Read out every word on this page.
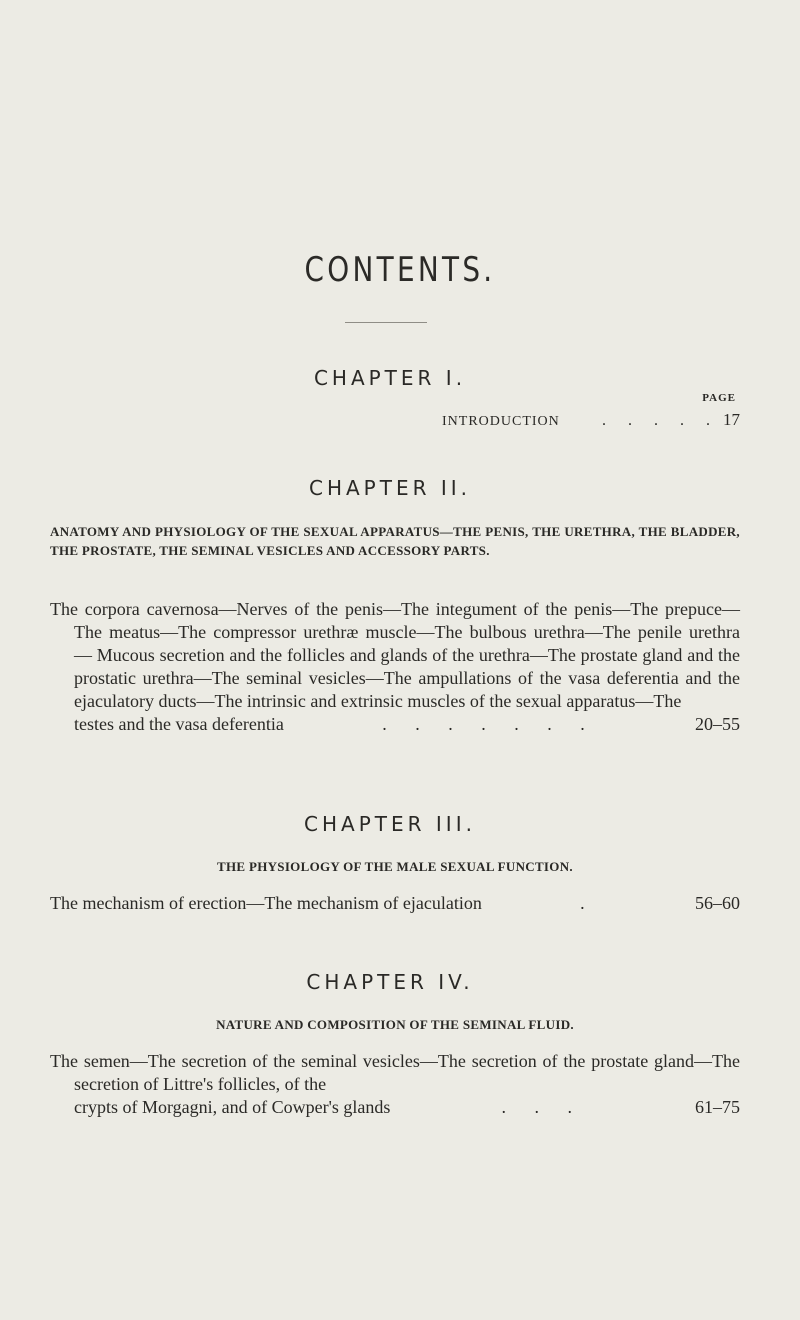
CONTENTS.
CHAPTER I.
PAGE
INTRODUCTION	. . . . . 17
CHAPTER II.
ANATOMY AND PHYSIOLOGY OF THE SEXUAL APPARATUS—THE PENIS, THE URETHRA, THE BLADDER, THE PROSTATE, THE SEMINAL VESICLES AND ACCESSORY PARTS.

The corpora cavernosa—Nerves of the penis—The integument of the penis—The prepuce—The meatus—The compressor urethræ muscle—The bulbous urethra—The penile urethra — Mucous secretion and the follicles and glands of the urethra—The prostate gland and the prostatic urethra—The seminal vesicles—The ampullations of the vasa deferentia and the ejaculatory ducts—The intrinsic and extrinsic muscles of the sexual apparatus—The

testes and the vasa deferentia	. . . . . . .	20–55
CHAPTER III.
THE PHYSIOLOGY OF THE MALE SEXUAL FUNCTION.
The mechanism of erection—The mechanism of ejaculation	.	56–60
CHAPTER IV.
NATURE AND COMPOSITION OF THE SEMINAL FLUID.

The semen—The secretion of the seminal vesicles—The secretion of the prostate gland—The secretion of Littre's follicles, of the

crypts of Morgagni, and of Cowper's glands	. . .	61–75
